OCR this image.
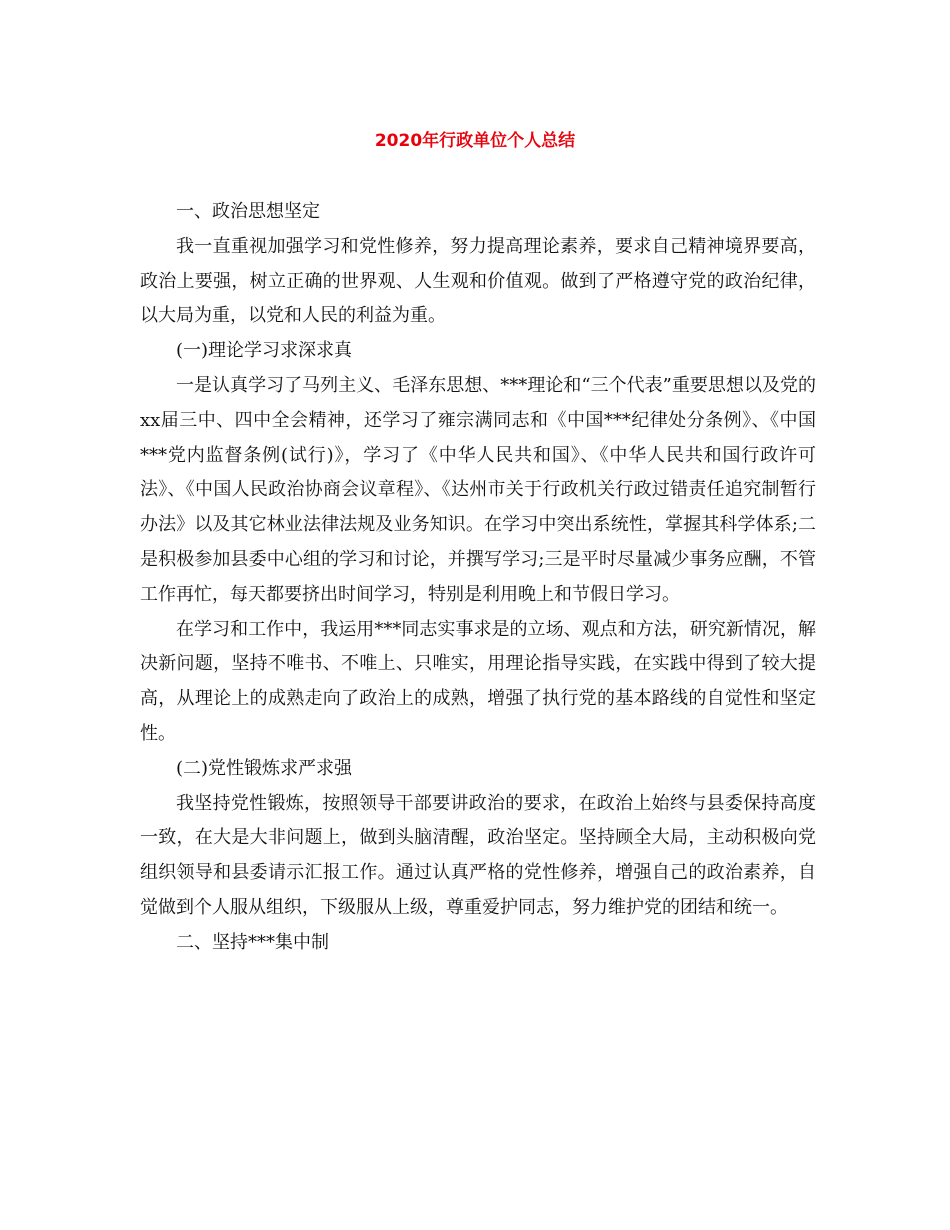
2020年行政单位个人总结

一、政治思想坚定

我一直重视加强学习和党性修养，努力提高理论素养，要求自己精神境界要高，政治上要强，树立正确的世界观、人生观和价值观。做到了严格遵守党的政治纪律，以大局为重，以党和人民的利益为重。

(一)理论学习求深求真

一是认真学习了马列主义、毛泽东思想、***理论和“三个代表”重要思想以及党的xx届三中、四中全会精神，还学习了雍宗满同志和《中国***纪律处分条例》、《中国***党内监督条例(试行)》，学习了《中华人民共和国》、《中华人民共和国行政许可法》、《中国人民政治协商会议章程》、《达州市关于行政机关行政过错责任追究制暂行办法》以及其它林业法律法规及业务知识。在学习中突出系统性，掌握其科学体系;二是积极参加县委中心组的学习和讨论，并撰写学习;三是平时尽量减少事务应酬，不管工作再忙，每天都要挤出时间学习，特别是利用晚上和节假日学习。

在学习和工作中，我运用***同志实事求是的立场、观点和方法，研究新情况，解决新问题，坚持不唯书、不唯上、只唯实，用理论指导实践，在实践中得到了较大提高，从理论上的成熟走向了政治上的成熟，增强了执行党的基本路线的自觉性和坚定性。

(二)党性锻炼求严求强

我坚持党性锻炼，按照领导干部要讲政治的要求，在政治上始终与县委保持高度一致，在大是大非问题上，做到头脑清醒，政治坚定。坚持顾全大局，主动积极向党组织领导和县委请示汇报工作。通过认真严格的党性修养，增强自己的政治素养，自觉做到个人服从组织，下级服从上级，尊重爱护同志，努力维护党的团结和统一。

二、坚持***集中制
